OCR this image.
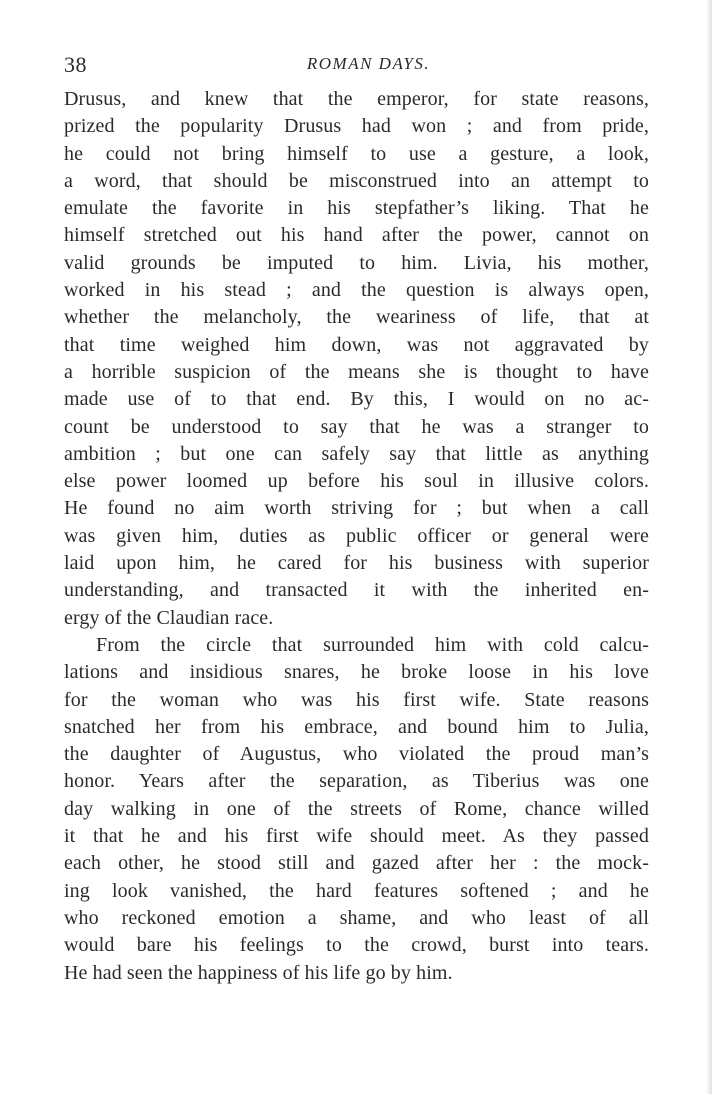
38	ROMAN DAYS.
Drusus, and knew that the emperor, for state reasons,
prized the popularity Drusus had won ; and from pride,
he could not bring himself to use a gesture, a look,
a word, that should be misconstrued into an attempt to
emulate the favorite in his stepfather’s liking. That he
himself stretched out his hand after the power, cannot on
valid grounds be imputed to him. Livia, his mother,
worked in his stead ; and the question is always open,
whether the melancholy, the weariness of life, that at
that time weighed him down, was not aggravated by
a horrible suspicion of the means she is thought to have
made use of to that end. By this, I would on no ac-
count be understood to say that he was a stranger to
ambition ; but one can safely say that little as anything
else power loomed up before his soul in illusive colors.
He found no aim worth striving for ; but when a call
was given him, duties as public officer or general were
laid upon him, he cared for his business with superior
understanding, and transacted it with the inherited en-
ergy of the Claudian race.
From the circle that surrounded him with cold calcu-
lations and insidious snares, he broke loose in his love
for the woman who was his first wife. State reasons
snatched her from his embrace, and bound him to Julia,
the daughter of Augustus, who violated the proud man’s
honor. Years after the separation, as Tiberius was one
day walking in one of the streets of Rome, chance willed
it that he and his first wife should meet. As they passed
each other, he stood still and gazed after her : the mock-
ing look vanished, the hard features softened ; and he
who reckoned emotion a shame, and who least of all
would bare his feelings to the crowd, burst into tears.
He had seen the happiness of his life go by him.
